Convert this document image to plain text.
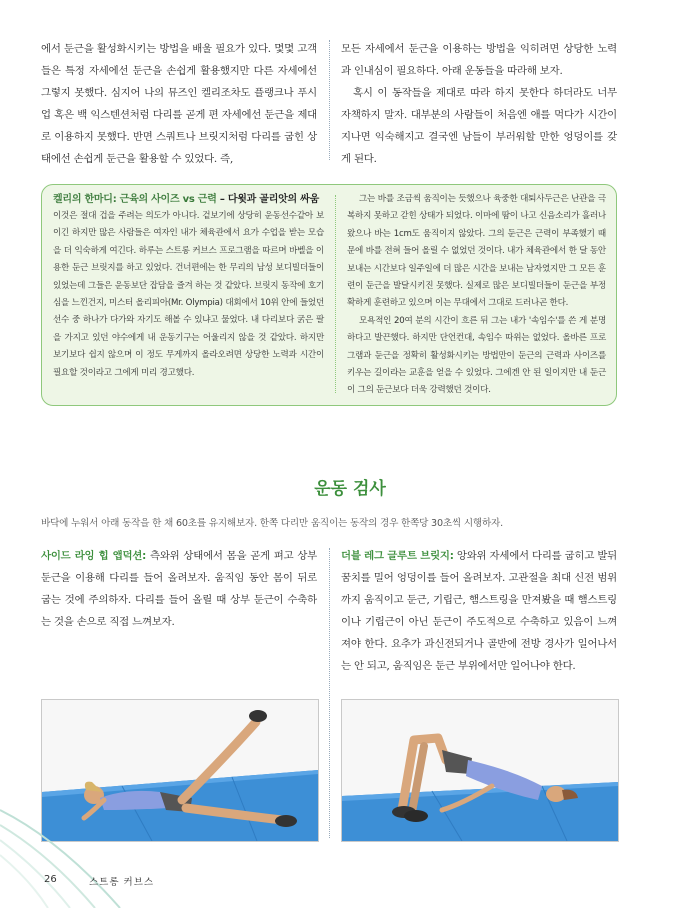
에서 둔근을 활성화시키는 방법을 배울 필요가 있다. 몇몇 고객들은 특정 자세에선 둔근을 손쉽게 활용했지만 다른 자세에선 그렇지 못했다. 심지어 나의 뮤즈인 켈리조차도 플랭크나 푸시업 혹은 백 익스텐션처럼 다리를 곧게 편 자세에선 둔근을 제대로 이용하지 못했다. 반면 스쿼트나 브릿지처럼 다리를 굽힌 상태에선 손쉽게 둔근을 활용할 수 있었다. 즉,

모든 자세에서 둔근을 이용하는 방법을 익히려면 상당한 노력과 인내심이 필요하다. 아래 운동들을 따라해 보자.

혹시 이 동작들을 제대로 따라 하지 못한다 하더라도 너무 자책하지 말자. 대부분의 사람들이 처음엔 애를 먹다가 시간이 지나면 익숙해지고 결국엔 남들이 부러워할 만한 엉덩이를 갖게 된다.

켈리의 한마디: 근육의 사이즈 vs 근력 – 다윗과 골리앗의 싸움

이것은 절대 겁을 주려는 의도가 아니다. 겉보기에 상당히 운동선수같아 보이긴 하지만 많은 사람들은 여자인 내가 체육관에서 요가 수업을 받는 모습을 더 익숙하게 여긴다. 하루는 스트롱 커브스 프로그램을 따르며 바벨을 이용한 둔근 브릿지를 하고 있었다. 건너편에는 한 무리의 남성 보디빌더들이 있었는데 그들은 운동보단 잡담을 즐겨 하는 것 같았다. 브릿지 동작에 호기심을 느낀건지, 미스터 올리피아(Mr. Olympia) 대회에서 10위 안에 들었던 선수 중 하나가 다가와 자기도 해볼 수 있냐고 물었다. 내 다리보다 굵은 팔을 가지고 있던 야수에게 내 운동기구는 어울리지 않을 것 같았다. 하지만 보기보다 쉽지 않으며 이 정도 무게까지 올라오려면 상당한 노력과 시간이 필요할 것이라고 그에게 미리 경고했다.

그는 바를 조금씩 움직이는 듯했으나 육중한 대퇴사두근은 난관을 극복하지 못하고 갇힌 상태가 되었다. 이마에 땀이 나고 신음소리가 흘러나왔으나 바는 1cm도 움직이지 않았다. 그의 둔근은 근력이 부족했기 때문에 바를 전혀 들어 올릴 수 없었던 것이다. 내가 체육관에서 한 달 동안 보내는 시간보다 일주일에 더 많은 시간을 보내는 남자였지만 그 모든 훈련이 둔근을 발달시키진 못했다. 실제로 많은 보디빌더들이 둔근을 부정확하게 훈련하고 있으며 이는 무대에서 그대로 드러나곤 한다.

모욕적인 20여 분의 시간이 흐른 뒤 그는 내가 '속임수'를 쓴 게 분명하다고 발끈했다. 하지만 단언컨대, 속임수 따위는 없었다. 올바른 프로그램과 둔근을 정확히 활성화시키는 방법만이 둔근의 근력과 사이즈를 키우는 길이라는 교훈을 얻을 수 있었다. 그에겐 안 된 일이지만 내 둔근이 그의 둔근보다 더욱 강력했던 것이다.

운동 검사
바닥에 누워서 아래 동작을 한 채 60초를 유지해보자. 한쪽 다리만 움직이는 동작의 경우 한쪽당 30초씩 시행하자.

사이드 라잉 힙 앱덕션: 측와위 상태에서 몸을 곧게 펴고 상부 둔근을 이용해 다리를 들어 올려보자. 움직임 동안 몸이 뒤로 굽는 것에 주의하자. 다리를 들어 올릴 때 상부 둔근이 수축하는 것을 손으로 직접 느껴보자.

더블 레그 글루트 브릿지: 앙와위 자세에서 다리를 굽히고 발뒤꿈치를 밀어 엉덩이를 들어 올려보자. 고관절을 최대 신전 범위까지 움직이고 둔근, 기립근, 햄스트링을 만져봤을 때 햄스트링이나 기립근이 아닌 둔근이 주도적으로 수축하고 있음이 느껴져야 한다. 요추가 과신전되거나 골반에 전방 경사가 일어나서는 안 되고, 움직임은 둔근 부위에서만 일어나야 한다.

26	스트롱 커브스
